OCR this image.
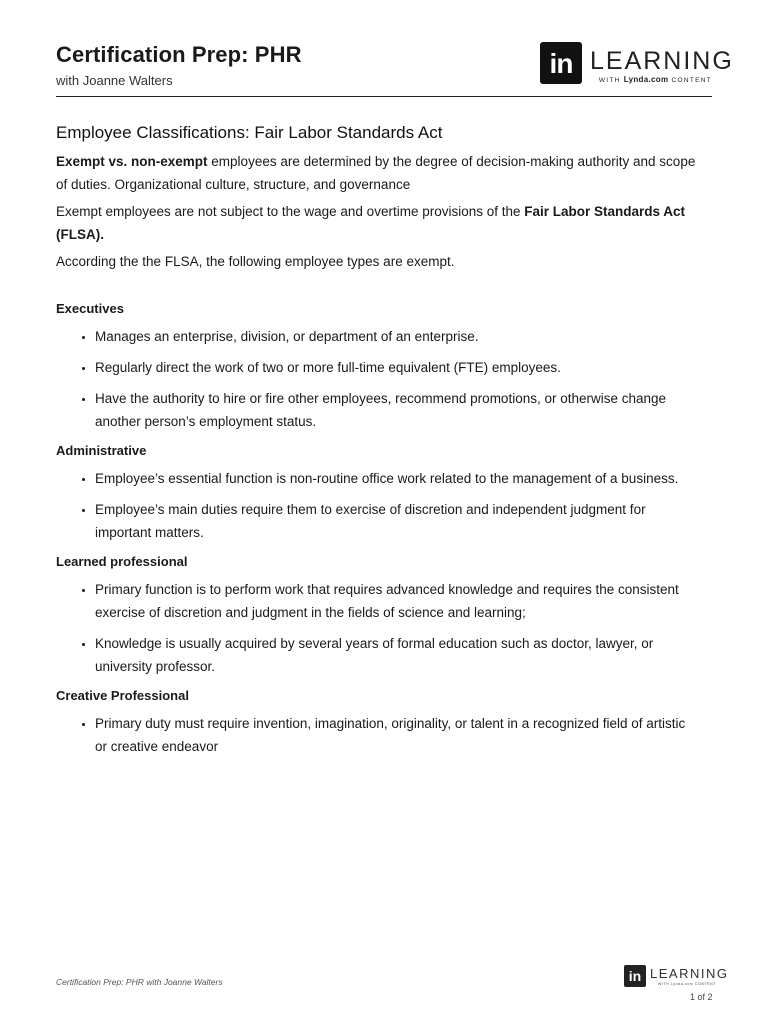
Certification Prep: PHR
with Joanne Walters
in LEARNING
WITH Lynda.com CONTENT
Employee Classifications: Fair Labor Standards Act

Exempt vs. non-exempt employees are determined by the degree of decision-making authority and scope of duties. Organizational culture, structure, and governance

Exempt employees are not subject to the wage and overtime provisions of the Fair Labor Standards Act (FLSA).

According the the FLSA, the following employee types are exempt.

Executives
• Manages an enterprise, division, or department of an enterprise.
• Regularly direct the work of two or more full-time equivalent (FTE) employees.
• Have the authority to hire or fire other employees, recommend promotions, or otherwise change another person’s employment status.
Administrative
• Employee’s essential function is non-routine office work related to the management of a business.
• Employee’s main duties require them to exercise of discretion and independent judgment for important matters.
Learned professional
• Primary function is to perform work that requires advanced knowledge and requires the consistent exercise of discretion and judgment in the fields of science and learning;
• Knowledge is usually acquired by several years of formal education such as doctor, lawyer, or university professor.
Creative Professional
• Primary duty must require invention, imagination, originality, or talent in a recognized field of artistic or creative endeavor
Certification Prep: PHR with Joanne Walters	in LEARNING
WITH Lynda.com CONTENT
1 of 2
